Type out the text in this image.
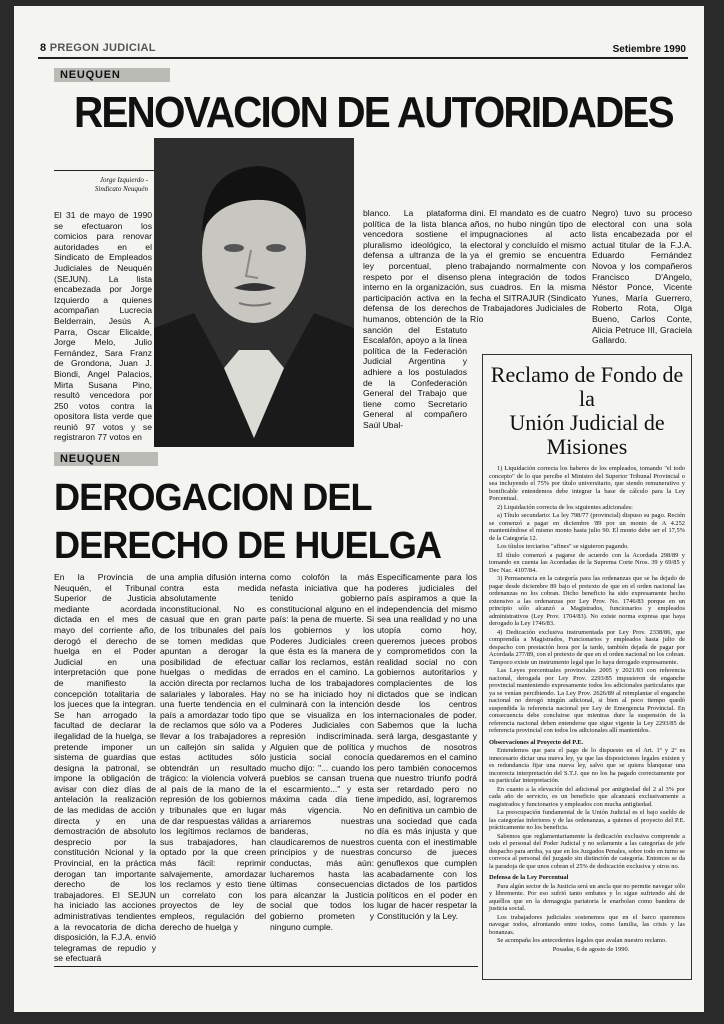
8 PREGON JUDICIAL	Setiembre 1990
NEUQUEN
RENOVACION DE AUTORIDADES
Jorge Izquierdo -
Sindicato Neuquén
El 31 de mayo de 1990 se efectuaron los comicios para renovar autoridades en el Sindicato de Empleados Judiciales de Neuquén (SEJUN). La lista encabezada por Jorge Izquierdo a quienes acompañan Lucrecia Belderrain, Jesús A. Parra, Oscar Elicalde, Jorge Melo, Julio Fernández, Sara Franz de Grondona, Juan J. Biondi, Angel Palacios, Mirta Susana Pino, resultó vencedora por 250 votos contra la opositora lista verde que reunió 97 votos y se registraron 77 votos en
blanco. La plataforma política de la lista blanca vencedora sostiene el pluralismo ideológico, la defensa a ultranza de la ley porcentual, pleno respeto por el disenso interno en la organización, participación activa en la defensa de los derechos humanos, obtención de la sanción del Estatuto Escalafón, apoyo a la línea política de la Federación Judicial Argentina y adhiere a los postulados de la Confederación General del Trabajo que tiene como Secretario General al compañero Saúl Ubal-
dini. El mandato es de cuatro años, no hubo ningún tipo de impugnaciones al acto electoral y concluído el mismo ya el gremio se encuentra trabajando normalmente con plena integración de todos sus cuadros. En la misma fecha el SITRAJUR (Sindicato de Trabajadores Judiciales de Río
Negro) tuvo su proceso electoral con una sola lista encabezada por el actual titular de la F.J.A. Eduardo Fernández Novoa y los compañeros Francisco D'Angelo, Néstor Ponce, Vicente Yunes, María Guerrero, Roberto Rota, Olga Bueno, Carlos Conte, Alicia Petruce III, Graciela Gallardo.
NEUQUEN
DEROGACION DEL
DERECHO DE HUELGA
En la Provincia de Neuquén, el Tribunal Superior de Justicia mediante acordada dictada en el mes de mayo del corriente año, derogó el derecho de huelga en el Poder Judicial en una interpretación que pone de manifiesto la concepción totalitaria de los jueces que la integran. Se han arrogado la facultad de declarar la ilegalidad de la huelga, se pretende imponer un sistema de guardias que designa la patronal, se impone la obligación de avisar con diez días de antelación la realización de las medidas de acción directa y en una demostración de absoluto desprecio por la constitución Ncional y la Provincial, en la práctica derogan tan importante derecho de los trabajadores. El SEJUN ha iniciado las acciones administrativas tendientes a la revocatoria de dicha disposición, la F.J.A. envió telegramas de repudio y se efectuará
una amplia difusión interna contra esta medida absolutamente inconstitucional. No es casual que en gran parte de los tribunales del país se tomen medidas que apuntan a derogar la posibilidad de efectuar huelgas o medidas de acción directa por reclamos salariales y laborales. Hay una fuerte tendencia en el país a amordazar todo tipo de reclamos que sólo va a llevar a los trabajadores a un callejón sin salida y estas actitudes sólo obtendrán un resultado trágico: la violencia volverá al país de la mano de la represión de los gobiernos y tribunales que en lugar de dar respuestas válidas a los legítimos reclamos de sus trabajadores, han optado por la que creen más fácil: reprimir salvajemente, amordazar los reclamos y esto tiene un correlato con los proyectos de ley de empleos, regulación del derecho de huelga y
como colofón la más nefasta iniciativa que ha tenido gobierno constitucional alguno en el país: la pena de muerte. Si los gobiernos y los Poderes Judiciales creen que ésta es la manera de callar los reclamos, están errados en el camino. La lucha de los trabajadores no se ha iniciado hoy ni culminará con la intención que se visualiza en los Poderes Judiciales con represión indiscriminada. Alguien que de política y justicia social conocía mucho dijo: "... cuando los pueblos se cansan truena el escarmiento..." y esta máxima cada día tiene más vigencia. No arriaremos nuestras banderas, no claudicaremos de nuestros principios y de nuestras conductas, más aún: lucharemos hasta las últimas consecuencias para alcanzar la Justicia social que todos los gobierno prometen y ninguno cumple.
Especificamente para los poderes judiciales del país aspiramos a que la independencia del mismo sea una realidad y no una utopía como hoy, queremos jueces probos y comprometidos con la realidad social no con gobiernos autoritarios y complacientes de los dictados que se indican desde los centros internacionales de poder. Sabemos que la lucha será larga, desgastante y muchos de nosotros quedaremos en el camino pero también conocemos que nuestro triunfo podrá ser retardado pero no impedido, así, lograremos en definitiva un cambio de una sociedad que cada día es más injusta y que cuenta con el inestimable concurso de jueces genuflexos que cumplen acabadamente con los dictados de los partidos políticos en el poder en lugar de hacer respetar la Constitución y la Ley.
Reclamo de Fondo de la
Unión Judicial de Misiones

1) Liquidación correcta los haberes de los empleados, tomando "el todo concepto" de lo que percibe el Ministro del Superior Tribunal Provincial o sea incluyendo el 75% por título universitario, que siendo remunerativo y bonificable entendemos debe integrar la base de cálculo para la Ley Porcentual.

2) Liquidación correcta de los siguientes adicionales:

a) Título secundario: La ley 798/77 (provincial) dispuso su pago. Recién se comenzó a pagar en diciembre '89 por un monto de A 4.252 manteniéndose el mismo monto hasta julio 90. El monto debe ser el 17,5% de la Categoría 12.

Los títulos terciarios "afines" se siguieron pagando.

El título comenzó a pagarse de acuerdo con la Acordada 298/89 y tomando en cuenta las Acordadas de la Suprema Corte Nros. 39 y 69/85 y Dec Nac. 4107/84.

3) Permanencia en la categoría para las ordenanzas que se ha dejado de pagar desde diciembre 89 bajo el pretexto de que en el orden nacional las ordenanzas no los cobran. Dicho beneficio ha sido expresamente hecho extensivo a las ordenanzas por Ley Prov. No. 1746/83 porque en un principio sólo alcanzó a Magistrados, funcionarios y empleados administrativos (Ley Prov. 1704/83). No existe norma expresa que haya derogado la Ley 1746/83.

4) Dedicación exclusiva instrumentada por Ley Prov. 2338/86, que comprendía a Magistrados, Funcionarios y empleados hasta julio de despacho con prestación hora por la tarde, también dejada de pagar por Acordada 277/89, con el pretexto de que en el orden nacional no los cobran. Tampoco existe un instrumento legal que lo haya derogado expresamente.

Las Leyes porcentuales provinciales 2005 y 2021/83 con referencia nacional, derogada por Ley Prov. 2293/85 impusieron de enganche provincial manteniendo expresamente todos los adicionales particulares que ya se venían percibiendo. La Ley Prov. 2626/89 al reimplantar el enganche nacional no derogó ningún adicional, si bien al poco tiempo quedó suspendida la referencia nacional por Ley de Emergencia Provincial. En consecuencia debe concluirse que mientras dure la suspensión de la referencia nacional deben entenderse que sigue vigente la Ley 2293/85 de referencia provincial con todos los adicionales allí mantenidos.

Observaciones al Proyecto del P.E.

Entendemos que para el pago de lo dispuesto en el Art. 1º y 2º es innecesario dictar una nueva ley, ya que las disposiciones legales existen y es redundancia fijar una nueva ley, salvo que se quiera blanquear una incorrecta interpretación del S.T.J. que no los ha pagado correctamente por su particular interpretación.

En cuanto a la elevación del adicional por antigüedad del 2 al 3% por cada año de servicio, es un beneficio que alcanzará exclusivamente a magistrados y funcionarios y empleados con mucha antigüedad.

La preocupación fundamental de la Unión Judicial es el bajo sueldo de las categorías inferiores y de las ordenanzas, a quienes el proyecto del P.E. prácticamente no los beneficia.

Sabemos que reglamentariamente la dedicación exclusiva comprende a todo el personal del Poder Judicial y no solamente a las categorías de jefe despacho para arriba, ya que en los Juzgados Penales, sobre todo en turno se convoca al personal del juzgado sin distinción de categoría. Entonces se da la paradoja de que unos cobran el 25% de dedicación exclusiva y otros no.

Defensa de la Ley Porcentual

Para algún sector de la Justicia será un ancla que no permite navegar sólo y libremente. Por eso sufrió tanto embates y lo sigue sufriendo ahí de aquéllos que en la demagogia pariatoria le enarbolan como bandera de justicia social.

Los trabajadores judiciales sostenemos que en el barco queremos navegar todos, afrontando entre todos, como familia, las crisis y las bonanzas.

Se acompaña los antecedentes legales que avalan nuestro reclamo.

Posadas, 6 de agosto de 1990.
